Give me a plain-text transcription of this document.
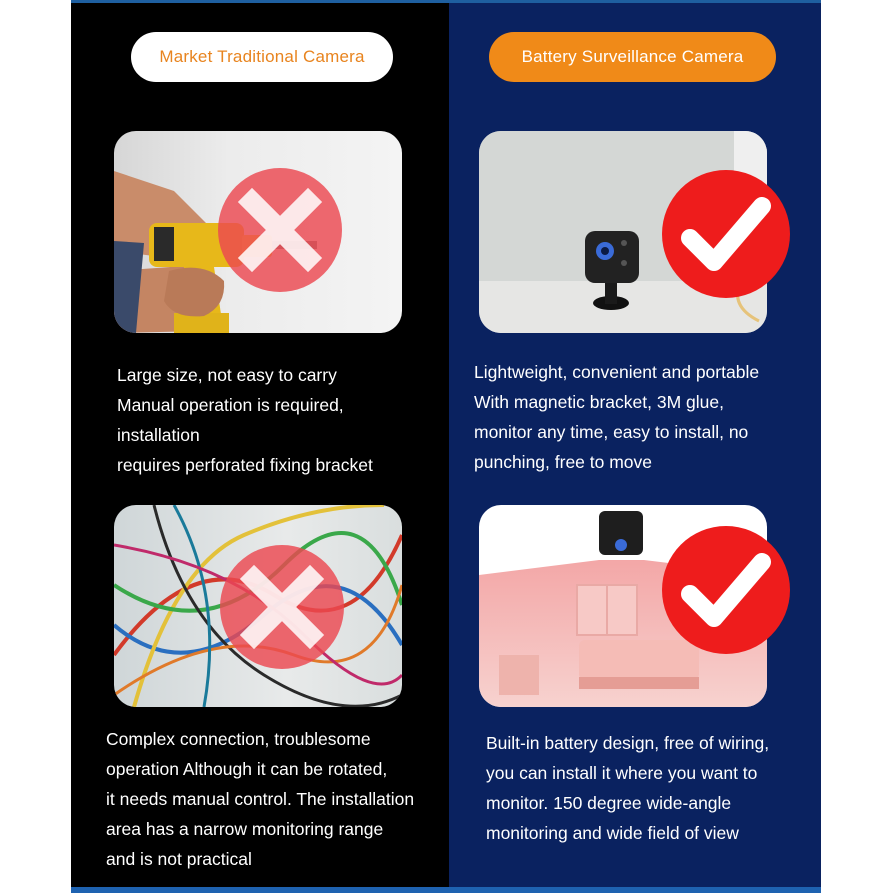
Market Traditional Camera	Battery Surveillance Camera
Large size, not easy to carry
Manual operation is required,
installation
requires perforated fixing bracket
Lightweight, convenient and portable
With magnetic bracket, 3M glue,
monitor any time, easy to install, no
punching, free to move
Complex connection, troublesome
operation Although it can be rotated,
it needs manual control. The installation
area has a narrow monitoring range
and is not practical
Built-in battery design, free of wiring,
you can install it where you want to
monitor. 150 degree wide-angle
monitoring and wide field of view
